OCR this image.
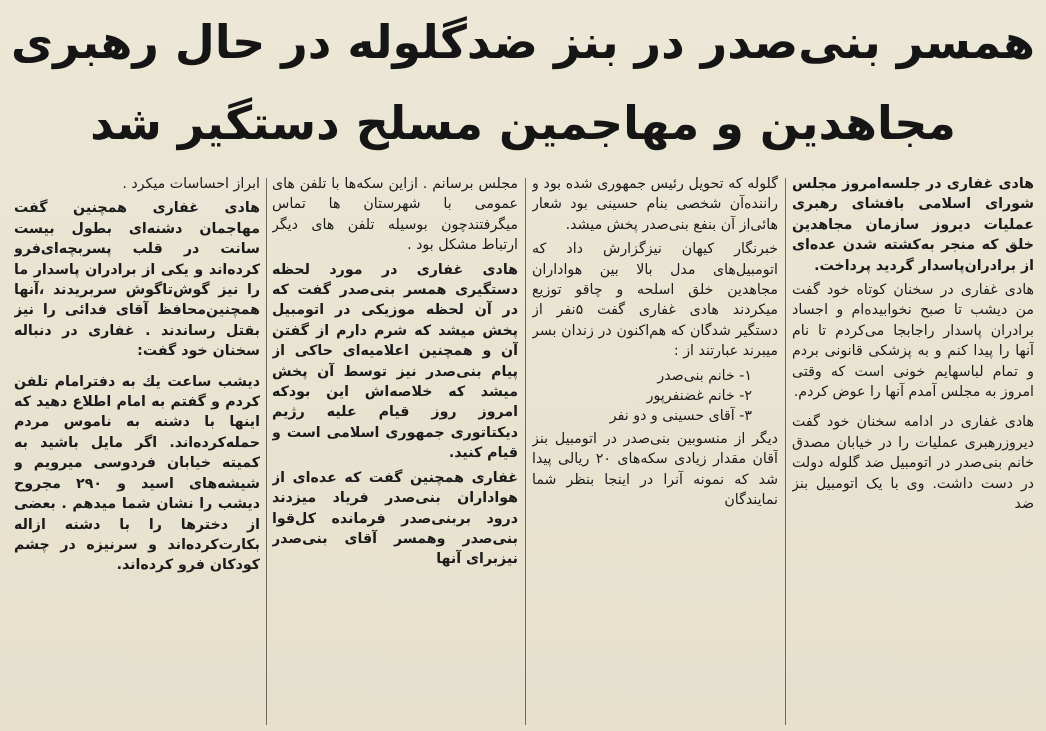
همسر بنی‌صدر در بنز ضدگلوله در حال رهبری
مجاهدین و مهاجمین مسلح دستگیر شد

هادی غفاری در جلسه‌امروز مجلس شورای اسلامی بافشای رهبری عملیات دیروز سازمان مجاهدین خلق که منجر به‌کشته شدن عده‌ای از برادران‌پاسدار گردید پرداخت.

هادی غفاری در سخنان کوتاه خود گفت من دیشب تا صبح نخوابیده‌ام و اجساد برادران پاسدار راجابجا می‌کردم تا نام آنها را پیدا کنم و به پزشکی قانونی بردم و تمام لباسهایم خونی است که وقتی امروز به مجلس آمدم آنها را عوض کردم.

هادی غفاری در ادامه سخنان خود گفت دیروزرهبری عملیات را در خیابان مصدق خانم بنی‌صدر در اتومبیل ضد گلوله دولت در دست داشت. وی با یک اتومبیل بنز ضد

گلوله که تحویل رئیس جمهوری شده بود و راننده‌آن شخصی بنام حسینی بود شعار هائی‌از آن بنفع بنی‌صدر پخش میشد.

خبرنگار کیهان نیزگزارش داد که اتومبیل‌های مدل بالا بین هواداران مجاهدین خلق اسلحه و چاقو توزیع میکردند هادی غفاری گفت ۵نفر از دستگیر شدگان که هم‌اکنون در زندان بسر میبرند عبارتند از :

۱- خانم بنی‌صدر
۲- خانم غضنفرپور
۳- آقای حسینی و دو نفر

دیگر از منسوبین بنی‌صدر در اتومبیل بنز آقان مقدار زیادی سکه‌های ۲۰ ریالی پیدا شد که نمونه آنرا در اینجا بنظر شما نمایندگان

مجلس برسانم . ازاین سکه‌ها با تلفن های عمومی با شهرستان ها تماس میگرفتندچون بوسیله تلفن های دیگر ارتباط مشکل بود .

هادی غفاری در مورد لحظه دستگیری همسر بنی‌صدر گفت که در آن لحظه موزیکی در اتومبیل پخش میشد که شرم دارم از گفتن آن و همچنین اعلامیه‌ای حاکی از پیام بنی‌صدر نیز توسط آن پخش میشد که خلاصه‌اش این بودکه امروز روز قیام علیه رژیم دیکتاتوری جمهوری اسلامی است و قیام کنید.

غفاری همچنین گفت که عده‌ای از هواداران بنی‌صدر فریاد میزدند درود بربنی‌صدر فرمانده کل‌قوا بنی‌صدر وهمسر آقای بنی‌صدر نیزبرای آنها

ابراز احساسات میکرد .

هادی غفاری همچنین گفت مهاجمان دشنه‌ای بطول بیست سانت در قلب پسربچه‌ای‌فرو کرده‌اند و یکی از برادران پاسدار ما را نیز گوش‌تاگوش سربریدند ،آنها همچنین‌محافظ آقای فدائی را نیز بقتل رساندند . غفاری در دنباله سخنان خود گفت:

دیشب ساعت یك به دفترامام تلفن کردم و گفتم به امام اطلاع دهید که اینها با دشنه به ناموس مردم حمله‌کرده‌اند. اگر مایل باشید به کمیته خیابان فردوسی میرویم و شیشه‌های اسید و ۲۹۰ مجروح دیشب را نشان شما میدهم . بعضی از دخترها را با دشنه ازاله بکارت‌کرده‌اند و سرنیزه در چشم کودکان فرو کرده‌اند.
